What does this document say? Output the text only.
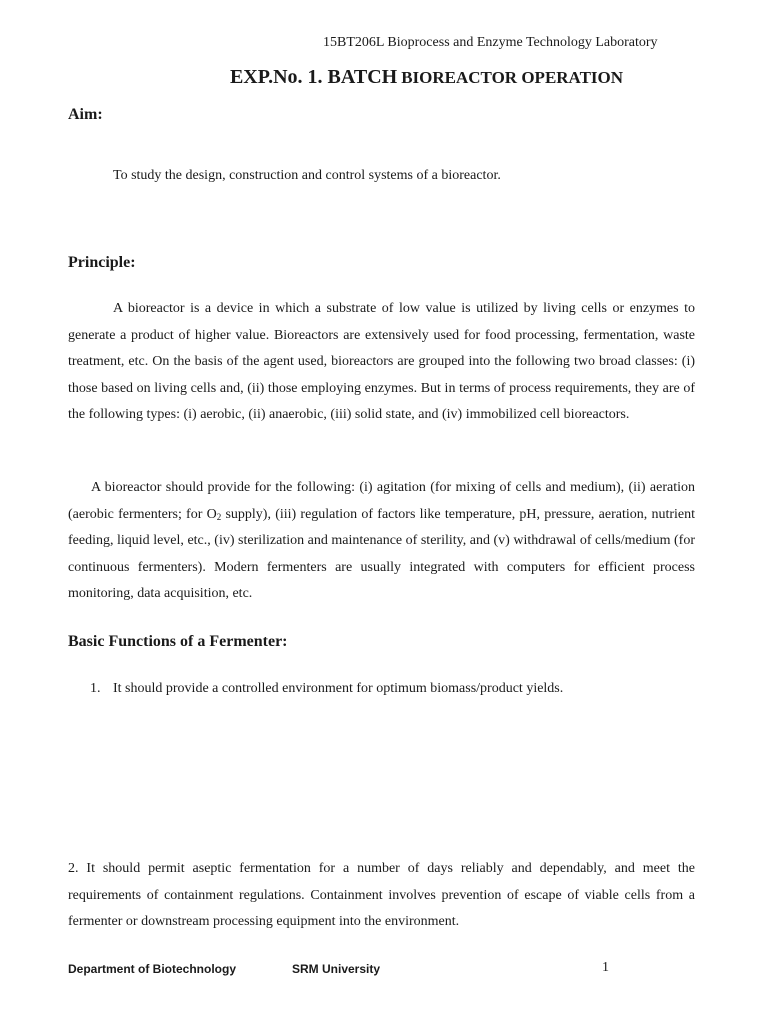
15BT206L Bioprocess and Enzyme Technology Laboratory
EXP.No. 1. BATCH BIOREACTOR OPERATION
Aim:
To study the design, construction and control systems of a bioreactor.
Principle:
A bioreactor is a device in which a substrate of low value is utilized by living cells or enzymes to generate a product of higher value. Bioreactors are extensively used for food processing, fermentation, waste treatment, etc. On the basis of the agent used, bioreactors are grouped into the following two broad classes: (i) those based on living cells and, (ii) those employing enzymes. But in terms of process requirements, they are of the following types: (i) aerobic, (ii) anaerobic, (iii) solid state, and (iv) immobilized cell bioreactors.
A bioreactor should provide for the following: (i) agitation (for mixing of cells and medium), (ii) aeration (aerobic fermenters; for $O_2$ supply), (iii) regulation of factors like temperature, pH, pressure, aeration, nutrient feeding, liquid level, etc., (iv) sterilization and maintenance of sterility, and (v) withdrawal of cells/medium (for continuous fermenters). Modern fermenters are usually integrated with computers for efficient process monitoring, data acquisition, etc.
Basic Functions of a Fermenter:
1. It should provide a controlled environment for optimum biomass/product yields.
2. It should permit aseptic fermentation for a number of days reliably and dependably, and meet the requirements of containment regulations. Containment involves prevention of escape of viable cells from a fermenter or downstream processing equipment into the environment.
Department of Biotechnology	SRM University	1
